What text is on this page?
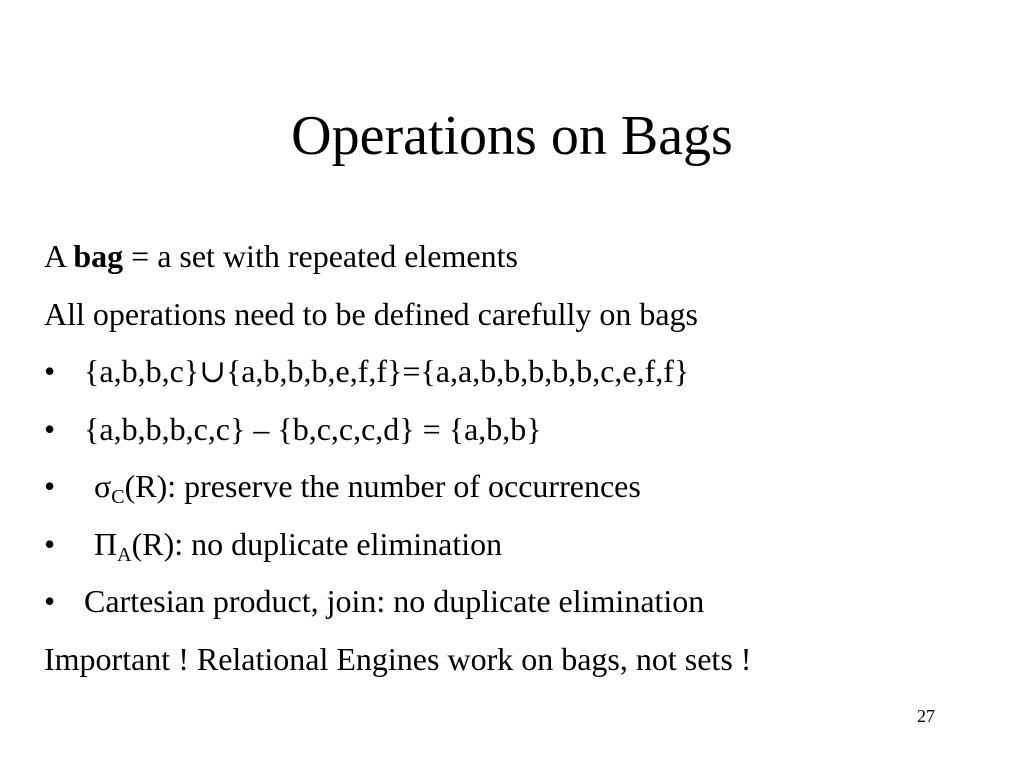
Operations on Bags
A bag = a set with repeated elements
All operations need to be defined carefully on bags
• {a,b,b,c}∪{a,b,b,b,e,f,f}={a,a,b,b,b,b,b,c,e,f,f}
• {a,b,b,b,c,c} – {b,c,c,c,d} = {a,b,b}
• $\sigma_C(R)$: preserve the number of occurrences
• $\Pi_A(R)$: no duplicate elimination
• Cartesian product, join: no duplicate elimination
Important ! Relational Engines work on bags, not sets !
27
